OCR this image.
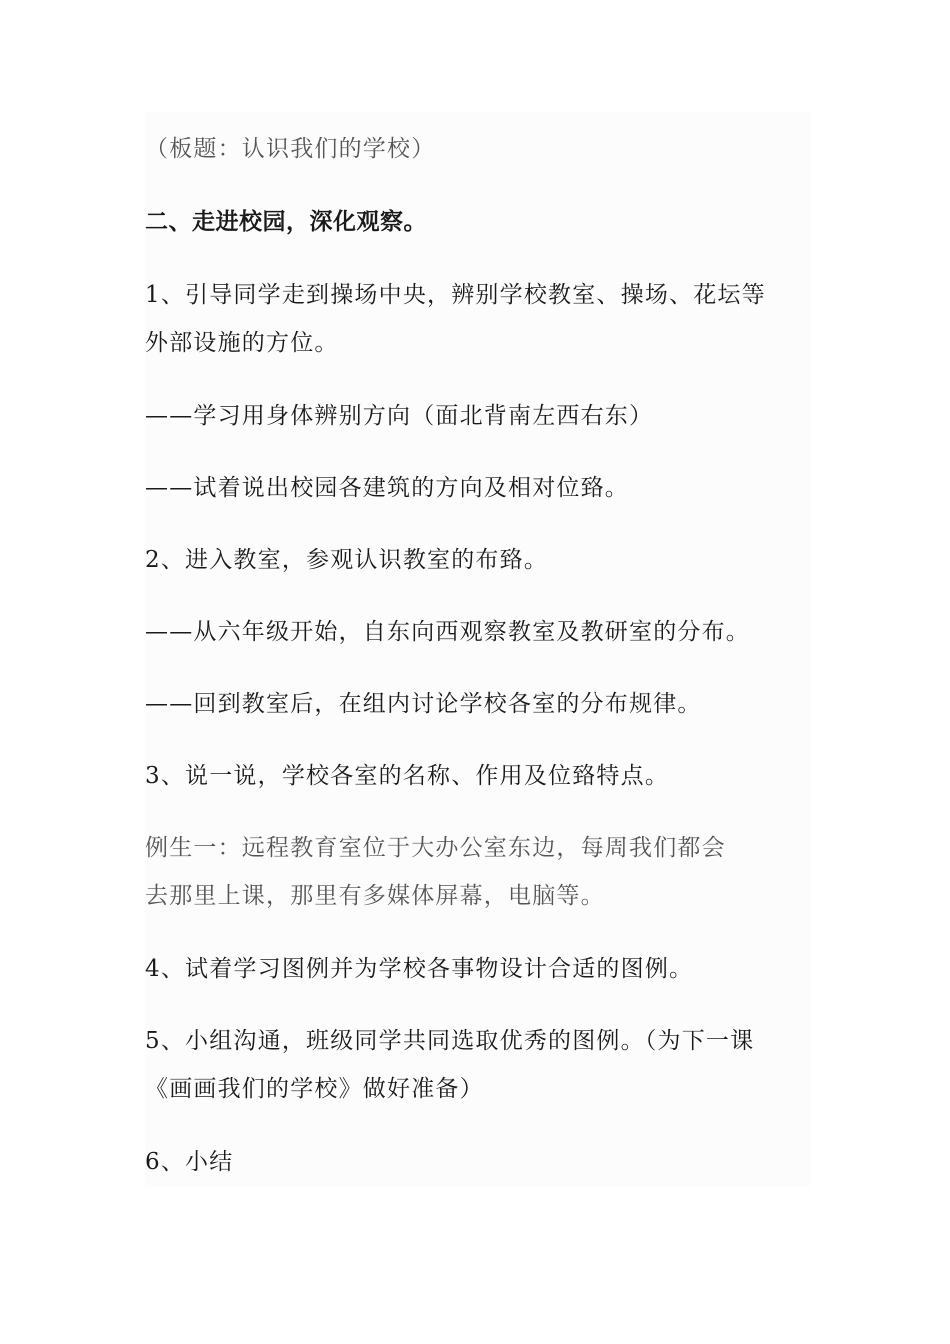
（板题：认识我们的学校）
二、走进校园，深化观察。
1、引导同学走到操场中央，辨别学校教室、操场、花坛等
外部设施的方位。
——学习用身体辨别方向（面北背南左西右东）
——试着说出校园各建筑的方向及相对位臵。
2、进入教室，参观认识教室的布臵。
——从六年级开始，自东向西观察教室及教研室的分布。
——回到教室后，在组内讨论学校各室的分布规律。
3、说一说，学校各室的名称、作用及位臵特点。
例生一：远程教育室位于大办公室东边，每周我们都会
去那里上课，那里有多媒体屏幕，电脑等。
4、试着学习图例并为学校各事物设计合适的图例。
5、小组沟通，班级同学共同选取优秀的图例。（为下一课
《画画我们的学校》做好准备）
6、小结
